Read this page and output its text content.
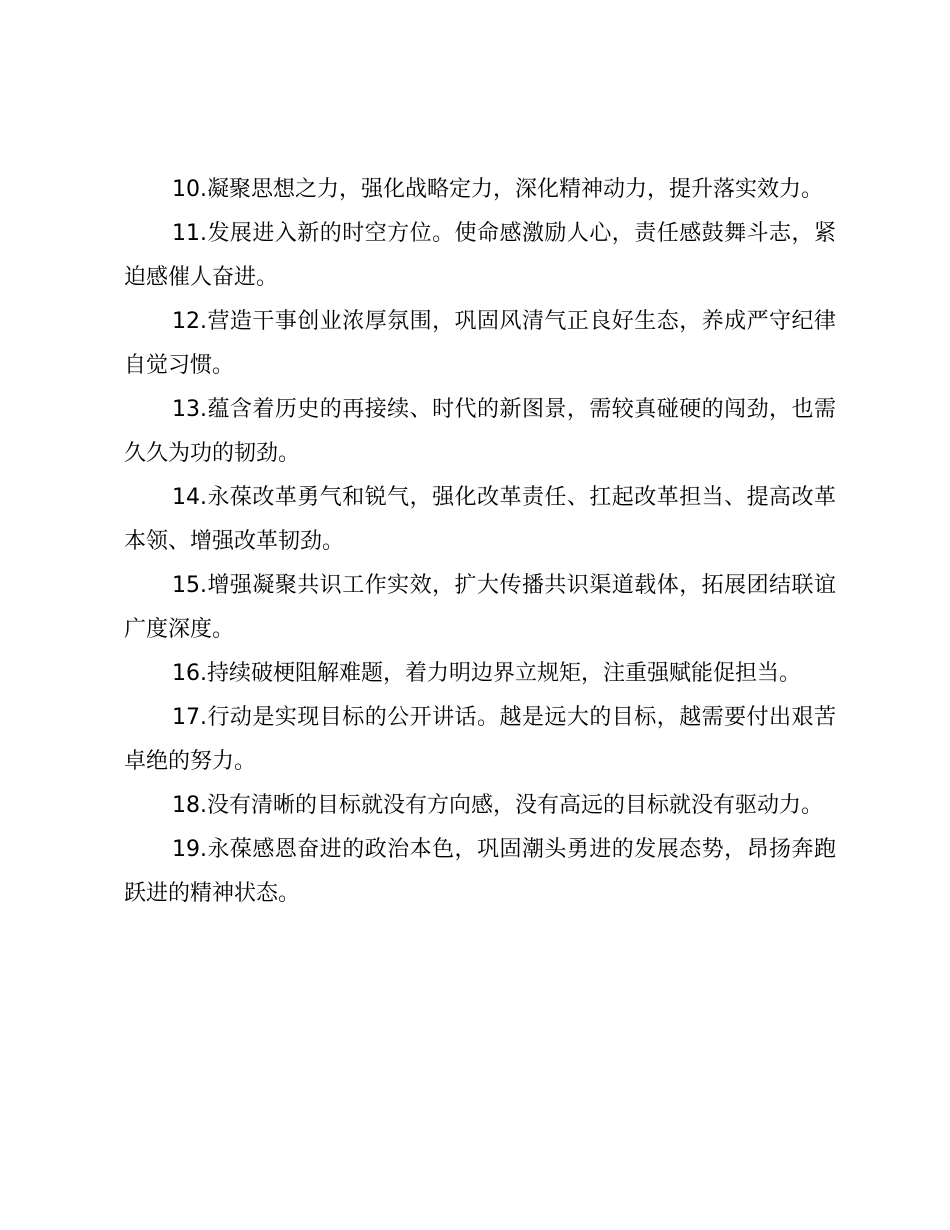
10.凝聚思想之力，强化战略定力，深化精神动力，提升落实效力。

11.发展进入新的时空方位。使命感激励人心，责任感鼓舞斗志，紧迫感催人奋进。

12.营造干事创业浓厚氛围，巩固风清气正良好生态，养成严守纪律自觉习惯。

13.蕴含着历史的再接续、时代的新图景，需较真碰硬的闯劲，也需久久为功的韧劲。

14.永葆改革勇气和锐气，强化改革责任、扛起改革担当、提高改革本领、增强改革韧劲。

15.增强凝聚共识工作实效，扩大传播共识渠道载体，拓展团结联谊广度深度。

16.持续破梗阻解难题，着力明边界立规矩，注重强赋能促担当。

17.行动是实现目标的公开讲话。越是远大的目标，越需要付出艰苦卓绝的努力。

18.没有清晰的目标就没有方向感，没有高远的目标就没有驱动力。

19.永葆感恩奋进的政治本色，巩固潮头勇进的发展态势，昂扬奔跑跃进的精神状态。
